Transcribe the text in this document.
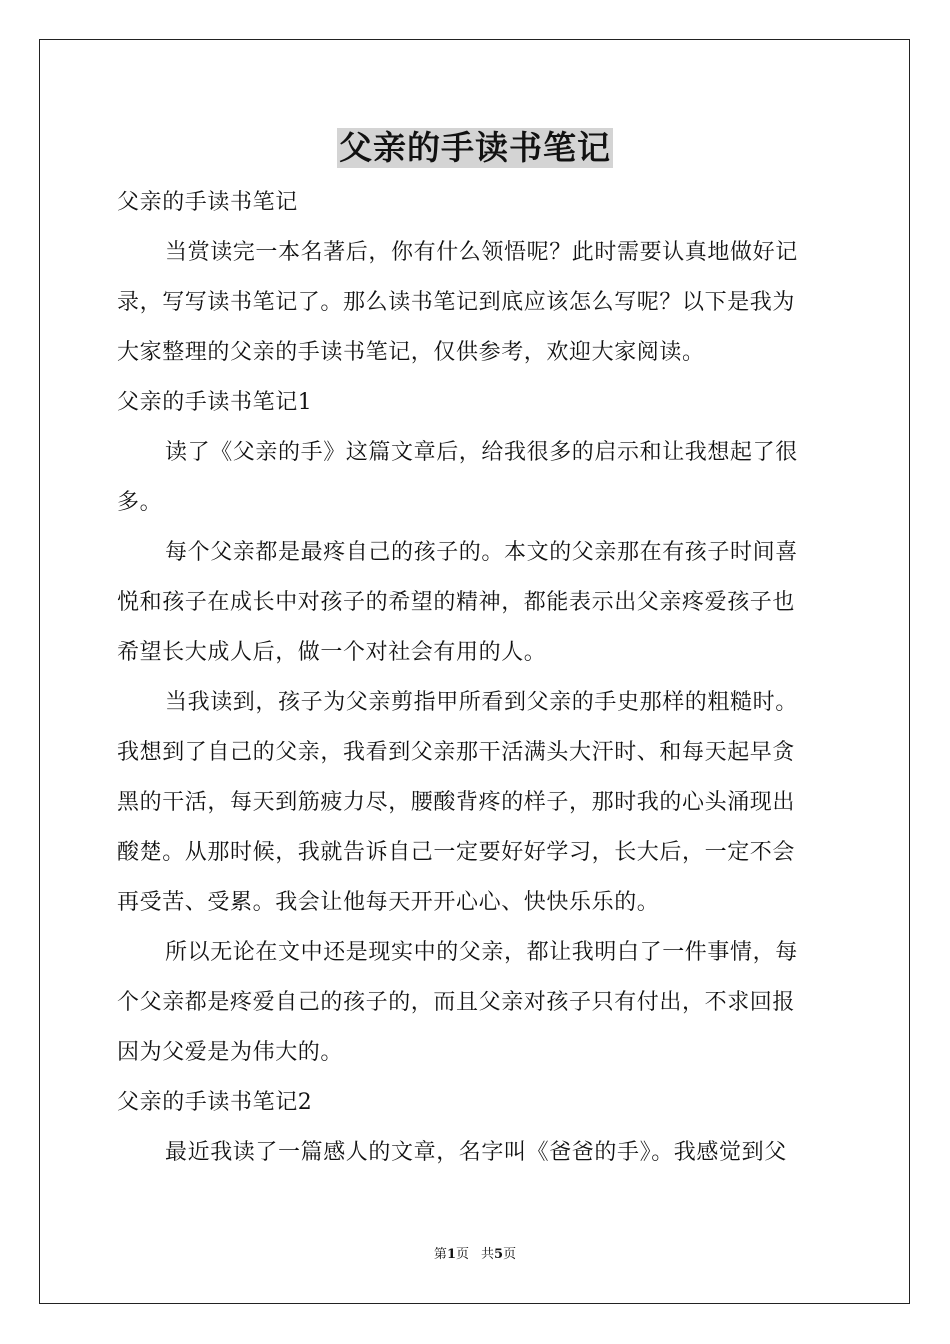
父亲的手读书笔记
父亲的手读书笔记
当赏读完一本名著后，你有什么领悟呢？此时需要认真地做好记
录，写写读书笔记了。那么读书笔记到底应该怎么写呢？以下是我为
大家整理的父亲的手读书笔记，仅供参考，欢迎大家阅读。
父亲的手读书笔记1
读了《父亲的手》这篇文章后，给我很多的启示和让我想起了很
多。
每个父亲都是最疼自己的孩子的。本文的父亲那在有孩子时间喜
悦和孩子在成长中对孩子的希望的精神，都能表示出父亲疼爱孩子也
希望长大成人后，做一个对社会有用的人。
当我读到，孩子为父亲剪指甲所看到父亲的手史那样的粗糙时。
我想到了自己的父亲，我看到父亲那干活满头大汗时、和每天起早贪
黑的干活，每天到筋疲力尽，腰酸背疼的样子，那时我的心头涌现出
酸楚。从那时候，我就告诉自己一定要好好学习，长大后，一定不会
再受苦、受累。我会让他每天开开心心、快快乐乐的。
所以无论在文中还是现实中的父亲，都让我明白了一件事情，每
个父亲都是疼爱自己的孩子的，而且父亲对孩子只有付出，不求回报
因为父爱是为伟大的。
父亲的手读书笔记2
最近我读了一篇感人的文章，名字叫《爸爸的手》。我感觉到父
第1页 共5页
